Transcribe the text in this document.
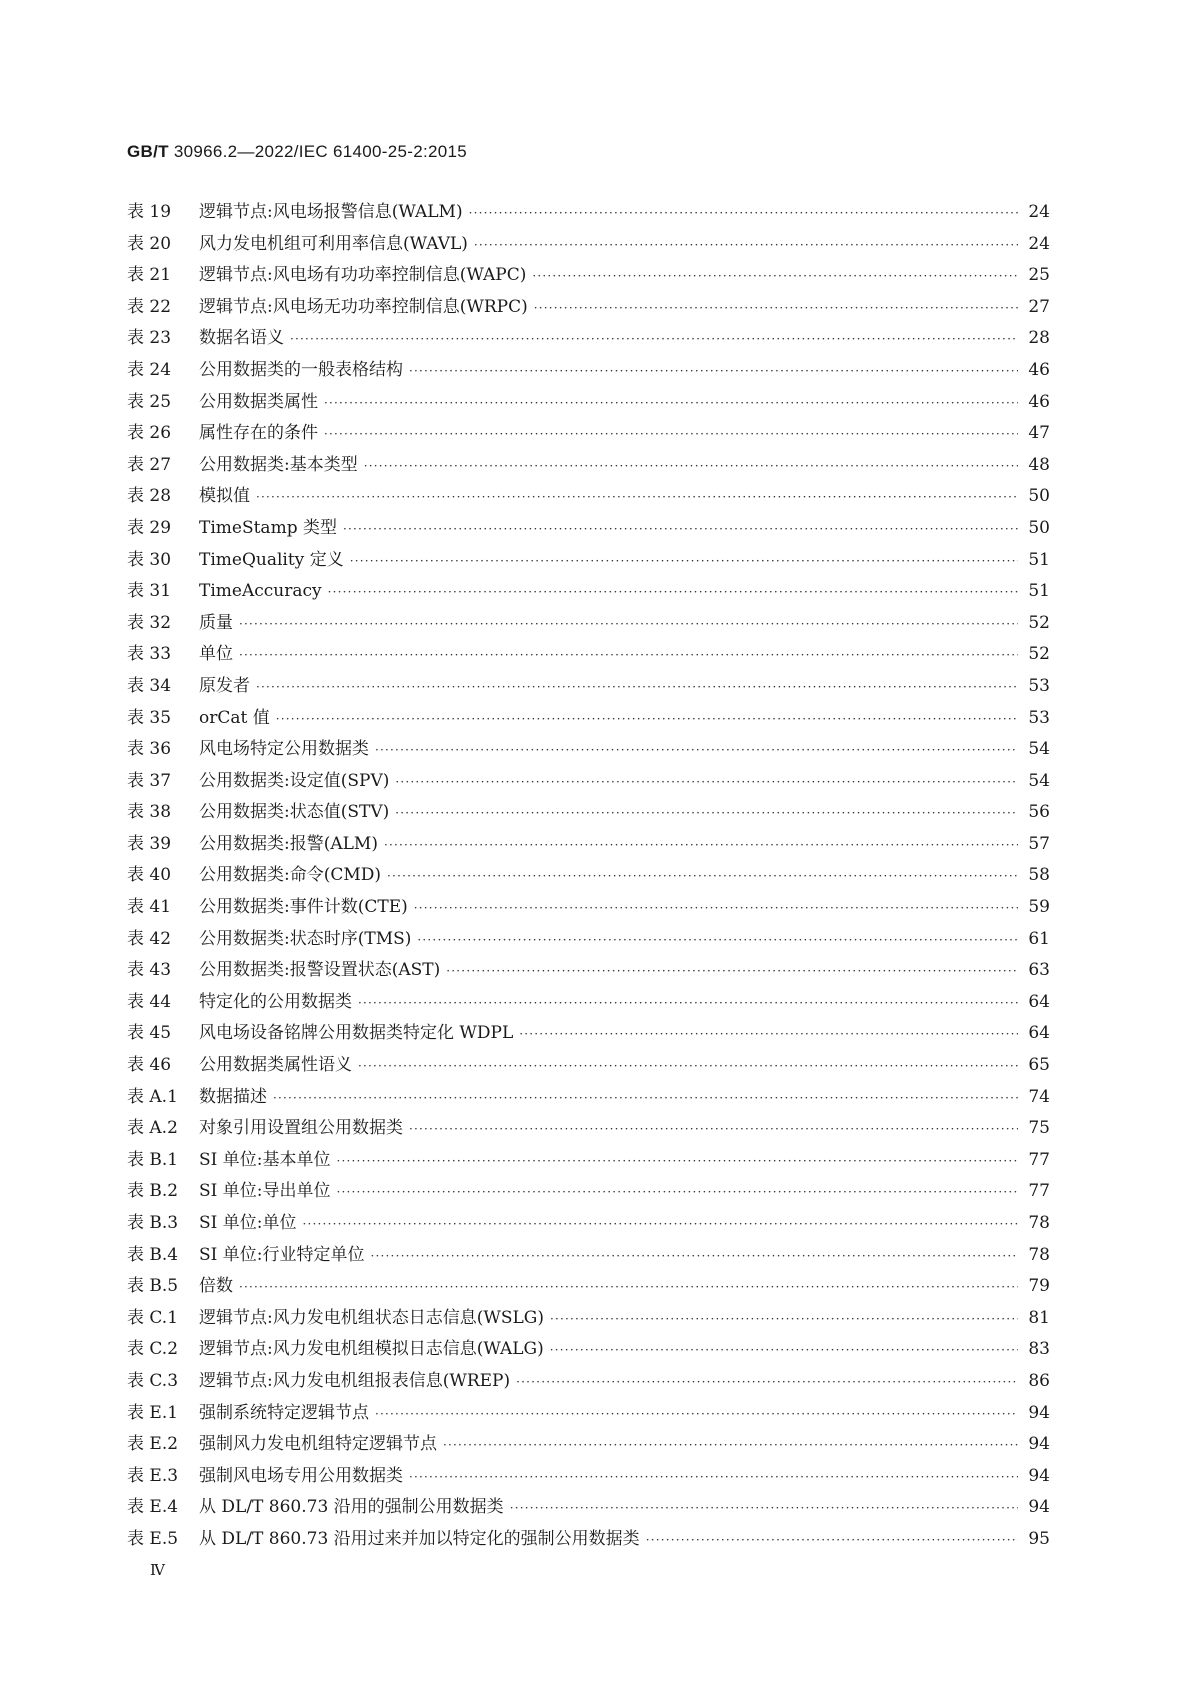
GB/T 30966.2—2022/IEC 61400-25-2:2015
表 19	逻辑节点:风电场报警信息(WALM) ·····	24
表 20	风力发电机组可利用率信息(WAVL) ·····	24
表 21	逻辑节点:风电场有功功率控制信息(WAPC) ·····	25
表 22	逻辑节点:风电场无功功率控制信息(WRPC) ·····	27
表 23	数据名语义 ·····	28
表 24	公用数据类的一般表格结构 ·····	46
表 25	公用数据类属性 ·····	46
表 26	属性存在的条件 ·····	47
表 27	公用数据类:基本类型 ·····	48
表 28	模拟值 ·····	50
表 29	TimeStamp 类型 ·····	50
表 30	TimeQuality 定义 ·····	51
表 31	TimeAccuracy ·····	51
表 32	质量 ·····	52
表 33	单位 ·····	52
表 34	原发者 ·····	53
表 35	orCat 值 ·····	53
表 36	风电场特定公用数据类 ·····	54
表 37	公用数据类:设定值(SPV) ·····	54
表 38	公用数据类:状态值(STV) ·····	56
表 39	公用数据类:报警(ALM) ·····	57
表 40	公用数据类:命令(CMD) ·····	58
表 41	公用数据类:事件计数(CTE) ·····	59
表 42	公用数据类:状态时序(TMS) ·····	61
表 43	公用数据类:报警设置状态(AST) ·····	63
表 44	特定化的公用数据类 ·····	64
表 45	风电场设备铭牌公用数据类特定化 WDPL ·····	64
表 46	公用数据类属性语义 ·····	65
表 A.1	数据描述 ·····	74
表 A.2	对象引用设置组公用数据类 ·····	75
表 B.1	SI 单位:基本单位 ·····	77
表 B.2	SI 单位:导出单位 ·····	77
表 B.3	SI 单位:单位 ·····	78
表 B.4	SI 单位:行业特定单位 ·····	78
表 B.5	倍数 ·····	79
表 C.1	逻辑节点:风力发电机组状态日志信息(WSLG) ·····	81
表 C.2	逻辑节点:风力发电机组模拟日志信息(WALG) ·····	83
表 C.3	逻辑节点:风力发电机组报表信息(WREP) ·····	86
表 E.1	强制系统特定逻辑节点 ·····	94
表 E.2	强制风力发电机组特定逻辑节点 ·····	94
表 E.3	强制风电场专用公用数据类 ·····	94
表 E.4	从 DL/T 860.73 沿用的强制公用数据类 ·····	94
表 E.5	从 DL/T 860.73 沿用过来并加以特定化的强制公用数据类 ·····	95
Ⅳ
